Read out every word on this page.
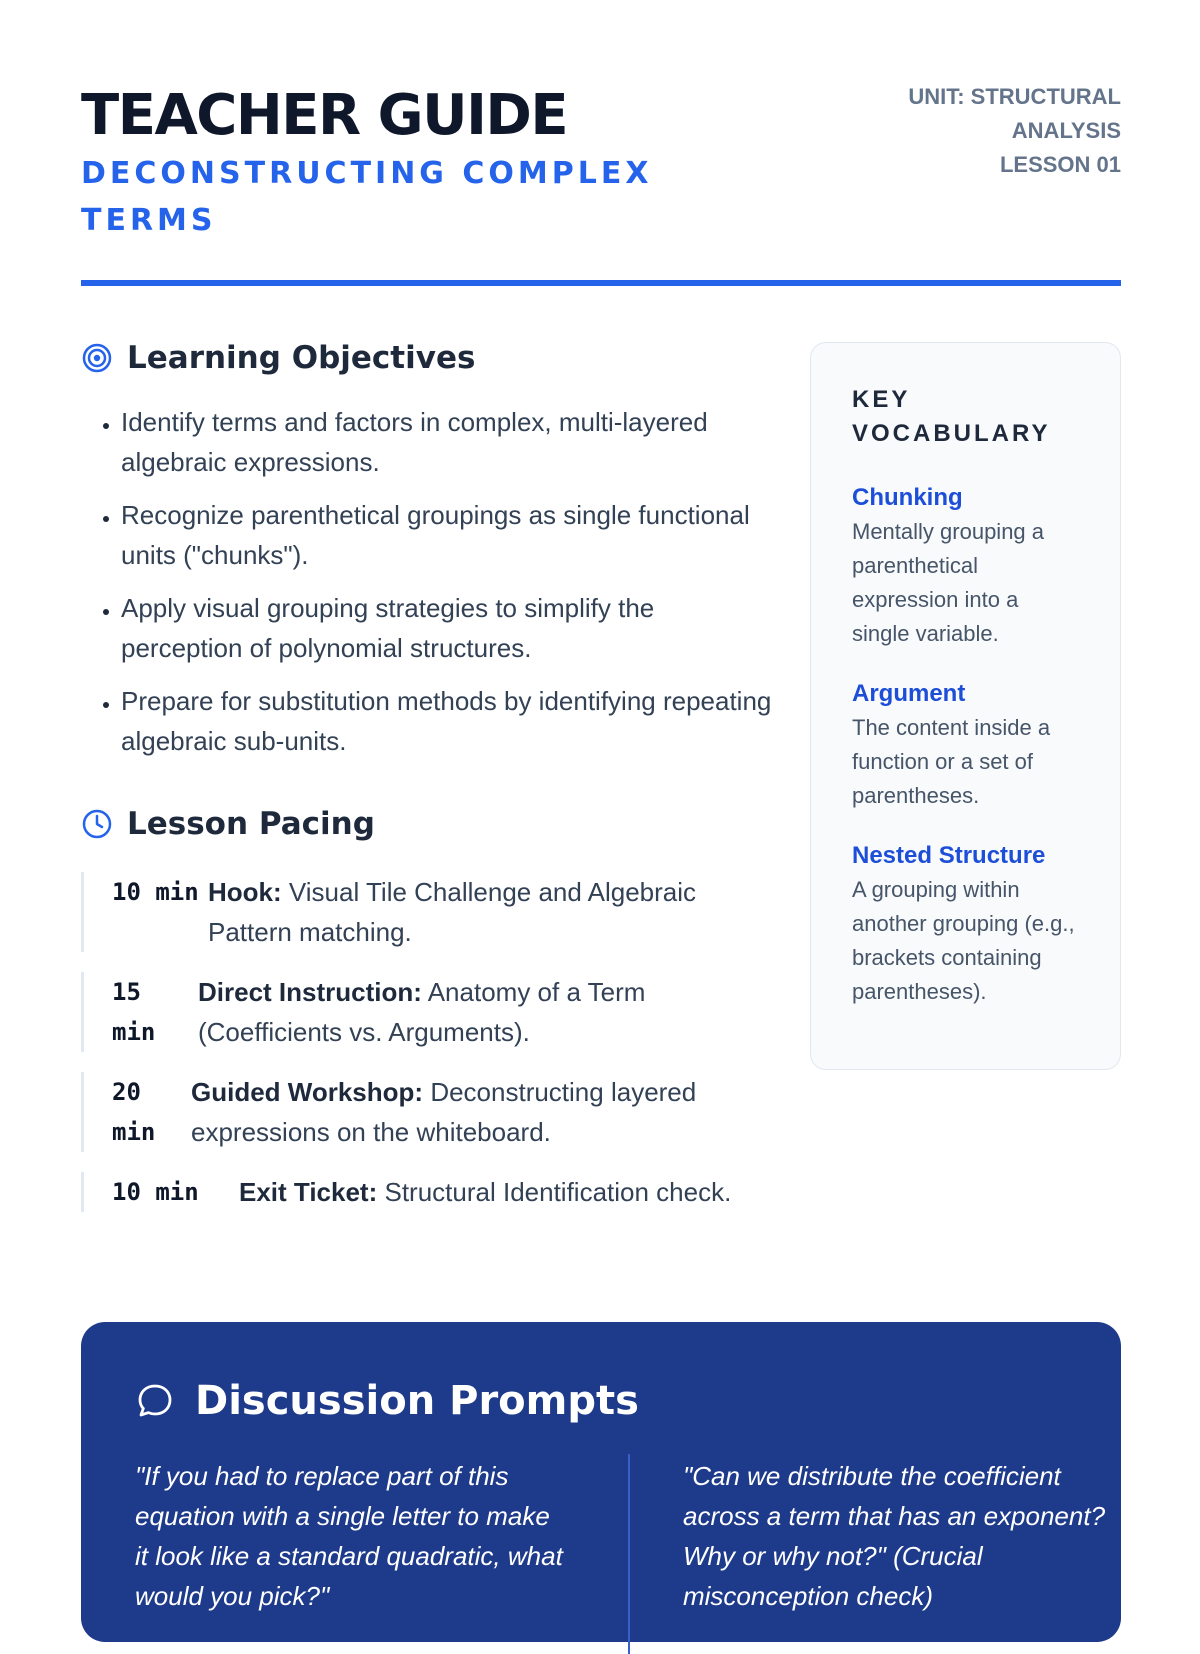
TEACHER GUIDE
DECONSTRUCTING COMPLEX TERMS
UNIT: STRUCTURAL
ANALYSIS
LESSON 01
Learning Objectives
• Identify terms and factors in complex, multi-layered algebraic expressions.
• Recognize parenthetical groupings as single functional units ("chunks").
• Apply visual grouping strategies to simplify the perception of polynomial structures.
• Prepare for substitution methods by identifying repeating algebraic sub-units.
Lesson Pacing
10 min Hook: Visual Tile Challenge and Algebraic Pattern matching.
15 min
Direct Instruction: Anatomy of a Term (Coefficients vs. Arguments).
20 min
Guided Workshop: Deconstructing layered expressions on the whiteboard.
10 min	Exit Ticket: Structural Identification check.
KEY VOCABULARY
Chunking
Mentally grouping a parenthetical expression into a single variable.
Argument
The content inside a function or a set of parentheses.
Nested Structure
A grouping within another grouping (e.g., brackets containing parentheses).
Discussion Prompts
"If you had to replace part of this equation with a single letter to make it look like a standard quadratic, what would you pick?"
"Can we distribute the coefficient across a term that has an exponent? Why or why not?" (Crucial misconception check)
